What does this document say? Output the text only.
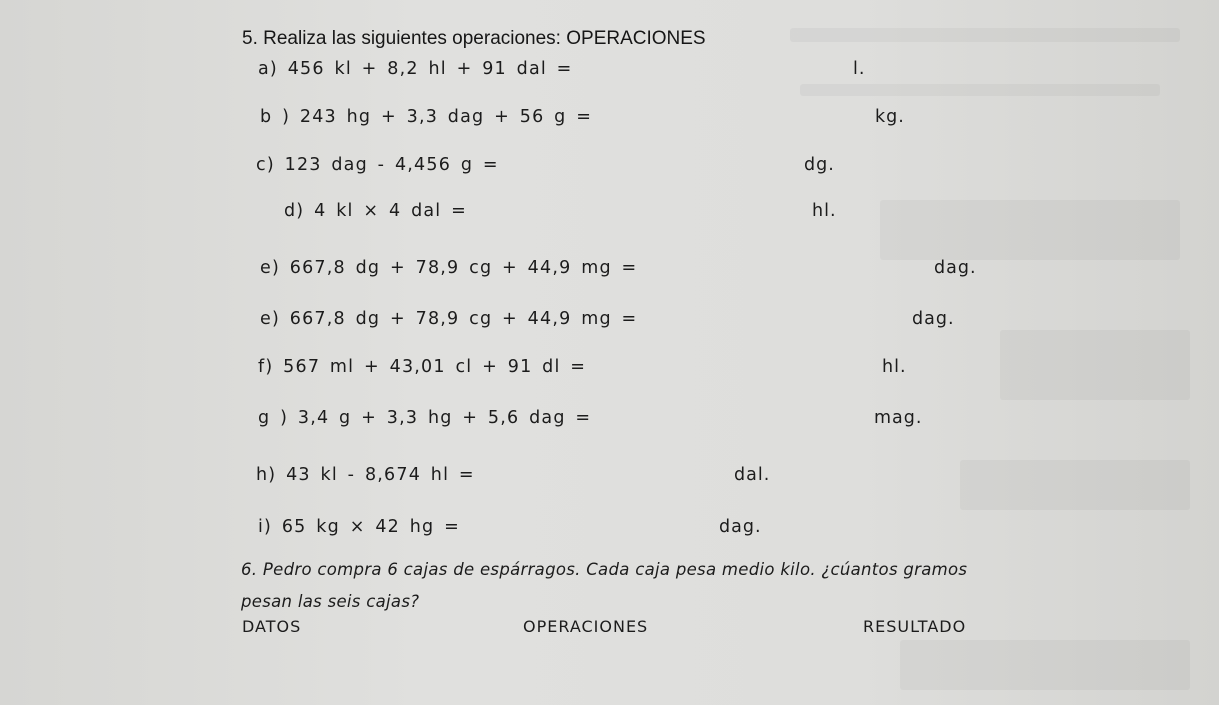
5. Realiza las siguientes operaciones: OPERACIONES
a) 456 kl + 8,2 hl + 91 dal =	l.
b ) 243 hg + 3,3 dag + 56 g =	kg.
c) 123 dag - 4,456 g =	dg.
d) 4 kl × 4 dal =	hl.
e) 667,8 dg + 78,9 cg + 44,9 mg =	dag.
e) 667,8 dg + 78,9 cg + 44,9 mg =	dag.
f) 567 ml + 43,01 cl + 91 dl =	hl.
g ) 3,4 g + 3,3 hg + 5,6 dag =	mag.
h) 43 kl - 8,674 hl =	dal.
i) 65 kg × 42 hg =	dag.
6. Pedro compra 6 cajas de espárragos. Cada caja pesa medio kilo. ¿cúantos gramos
pesan las seis cajas?
DATOS	OPERACIONES	RESULTADO
